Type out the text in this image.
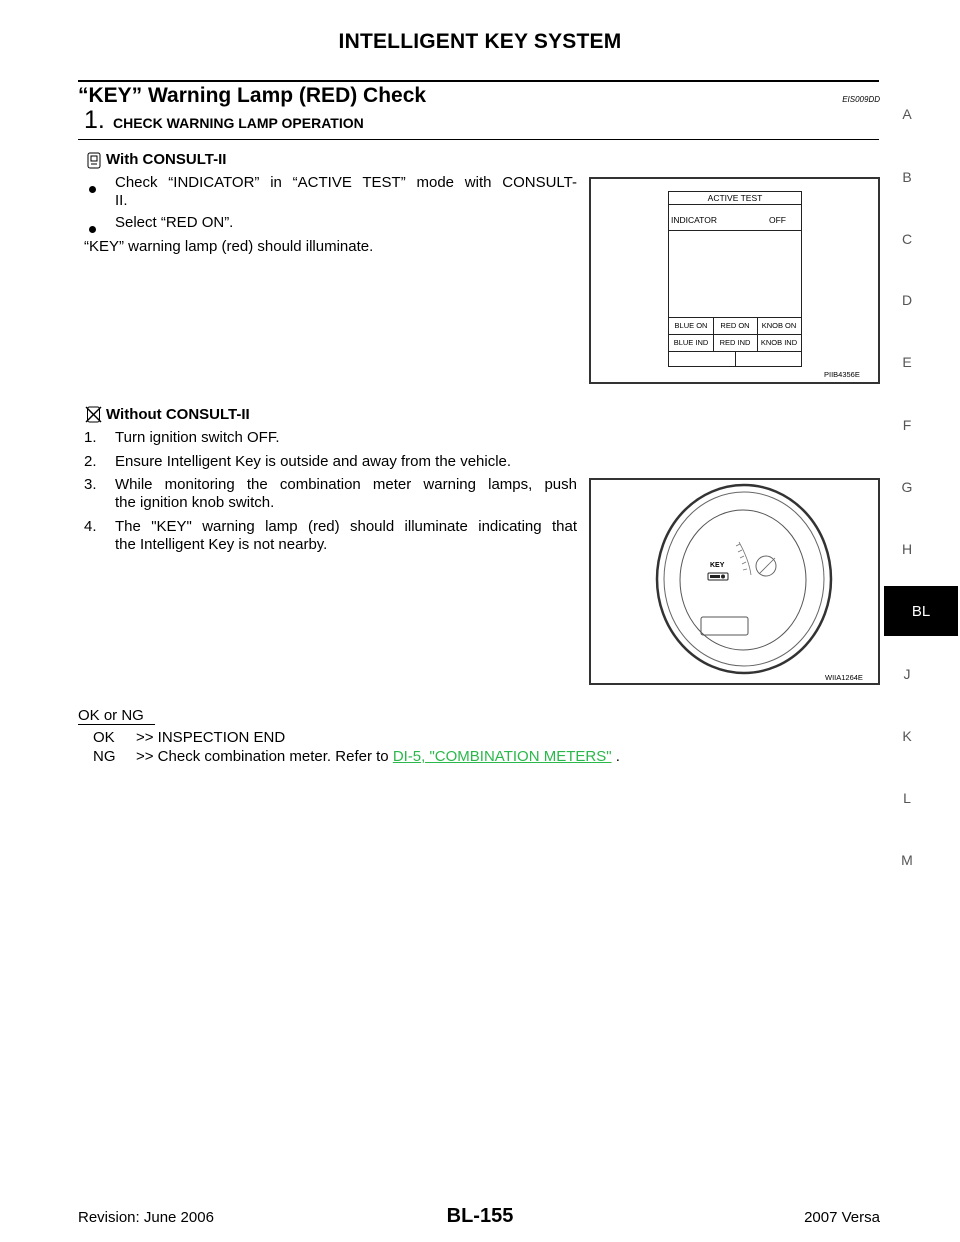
INTELLIGENT KEY SYSTEM
“KEY” Warning Lamp (RED) Check	EIS009DD
1. CHECK WARNING LAMP OPERATION
With CONSULT-II
Check “INDICATOR” in “ACTIVE TEST” mode with CONSULT-
II.
Select “RED ON”.
“KEY” warning lamp (red) should illuminate.
ACTIVE TEST
INDICATOR	OFF
BLUE ON	RED ON	KNOB ON
BLUE IND	RED IND	KNOB IND
PIIB4356E
Without CONSULT-II
1. Turn ignition switch OFF.
2. Ensure Intelligent Key is outside and away from the vehicle.
3. While monitoring the combination meter warning lamps, push
the ignition knob switch.
4. The "KEY" warning lamp (red) should illuminate indicating that
the Intelligent Key is not nearby.
KEY
WIIA1264E
OK or NG
OK >> INSPECTION END
NG >> Check combination meter. Refer to DI-5, "COMBINATION METERS" .
A
B
C
D
E
F
G
H
BL
J
K
L
M
Revision: June 2006	BL-155	2007 Versa
